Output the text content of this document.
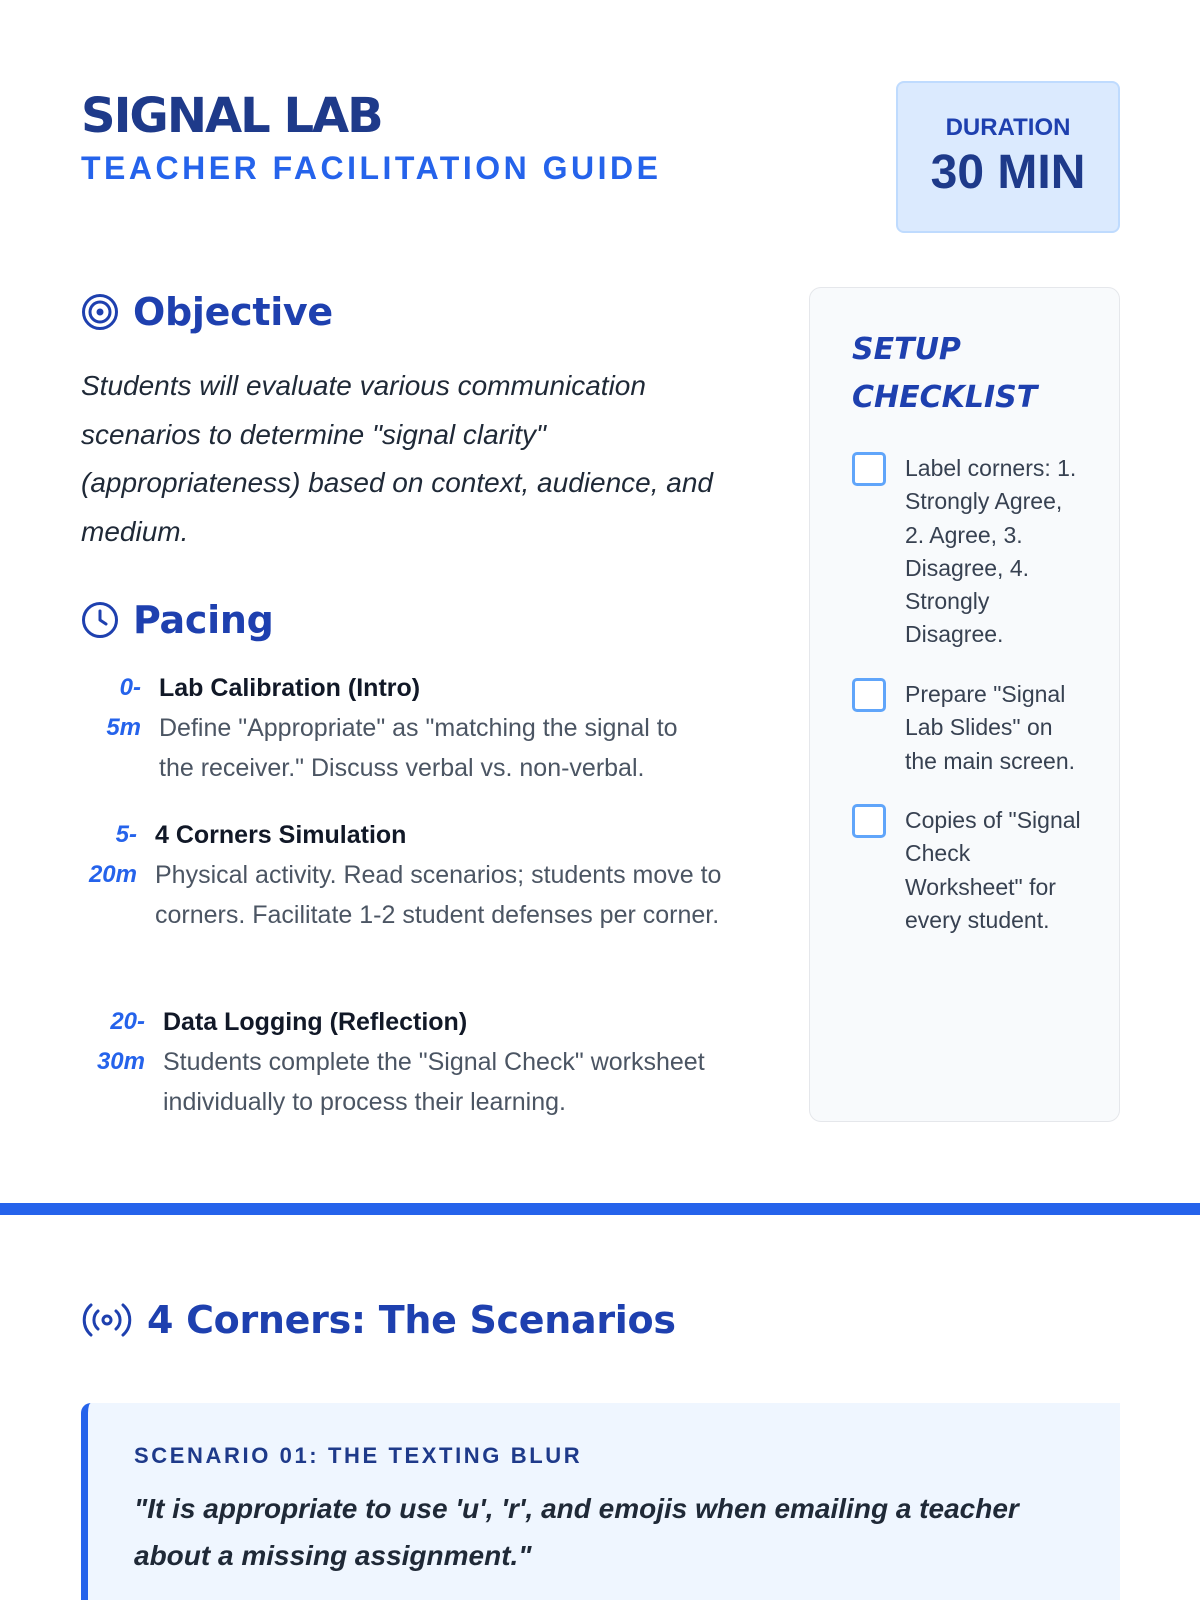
SIGNAL LAB
TEACHER FACILITATION GUIDE
DURATION
30 MIN
Objective
Students will evaluate various communication scenarios to determine "signal clarity" (appropriateness) based on context, audience, and medium.
Pacing
0-
5m
Lab Calibration (Intro)
Define "Appropriate" as "matching the signal to the receiver." Discuss verbal vs. non-verbal.
5-
20m
4 Corners Simulation
Physical activity. Read scenarios; students move to corners. Facilitate 1-2 student defenses per corner.
20-
30m
Data Logging (Reflection)
Students complete the "Signal Check" worksheet individually to process their learning.
SETUP CHECKLIST
Label corners: 1. Strongly Agree, 2. Agree, 3. Disagree, 4. Strongly Disagree.
Prepare "Signal Lab Slides" on the main screen.
Copies of "Signal Check Worksheet" for every student.
4 Corners: The Scenarios
SCENARIO 01: THE TEXTING BLUR
"It is appropriate to use 'u', 'r', and emojis when emailing a teacher about a missing assignment."
